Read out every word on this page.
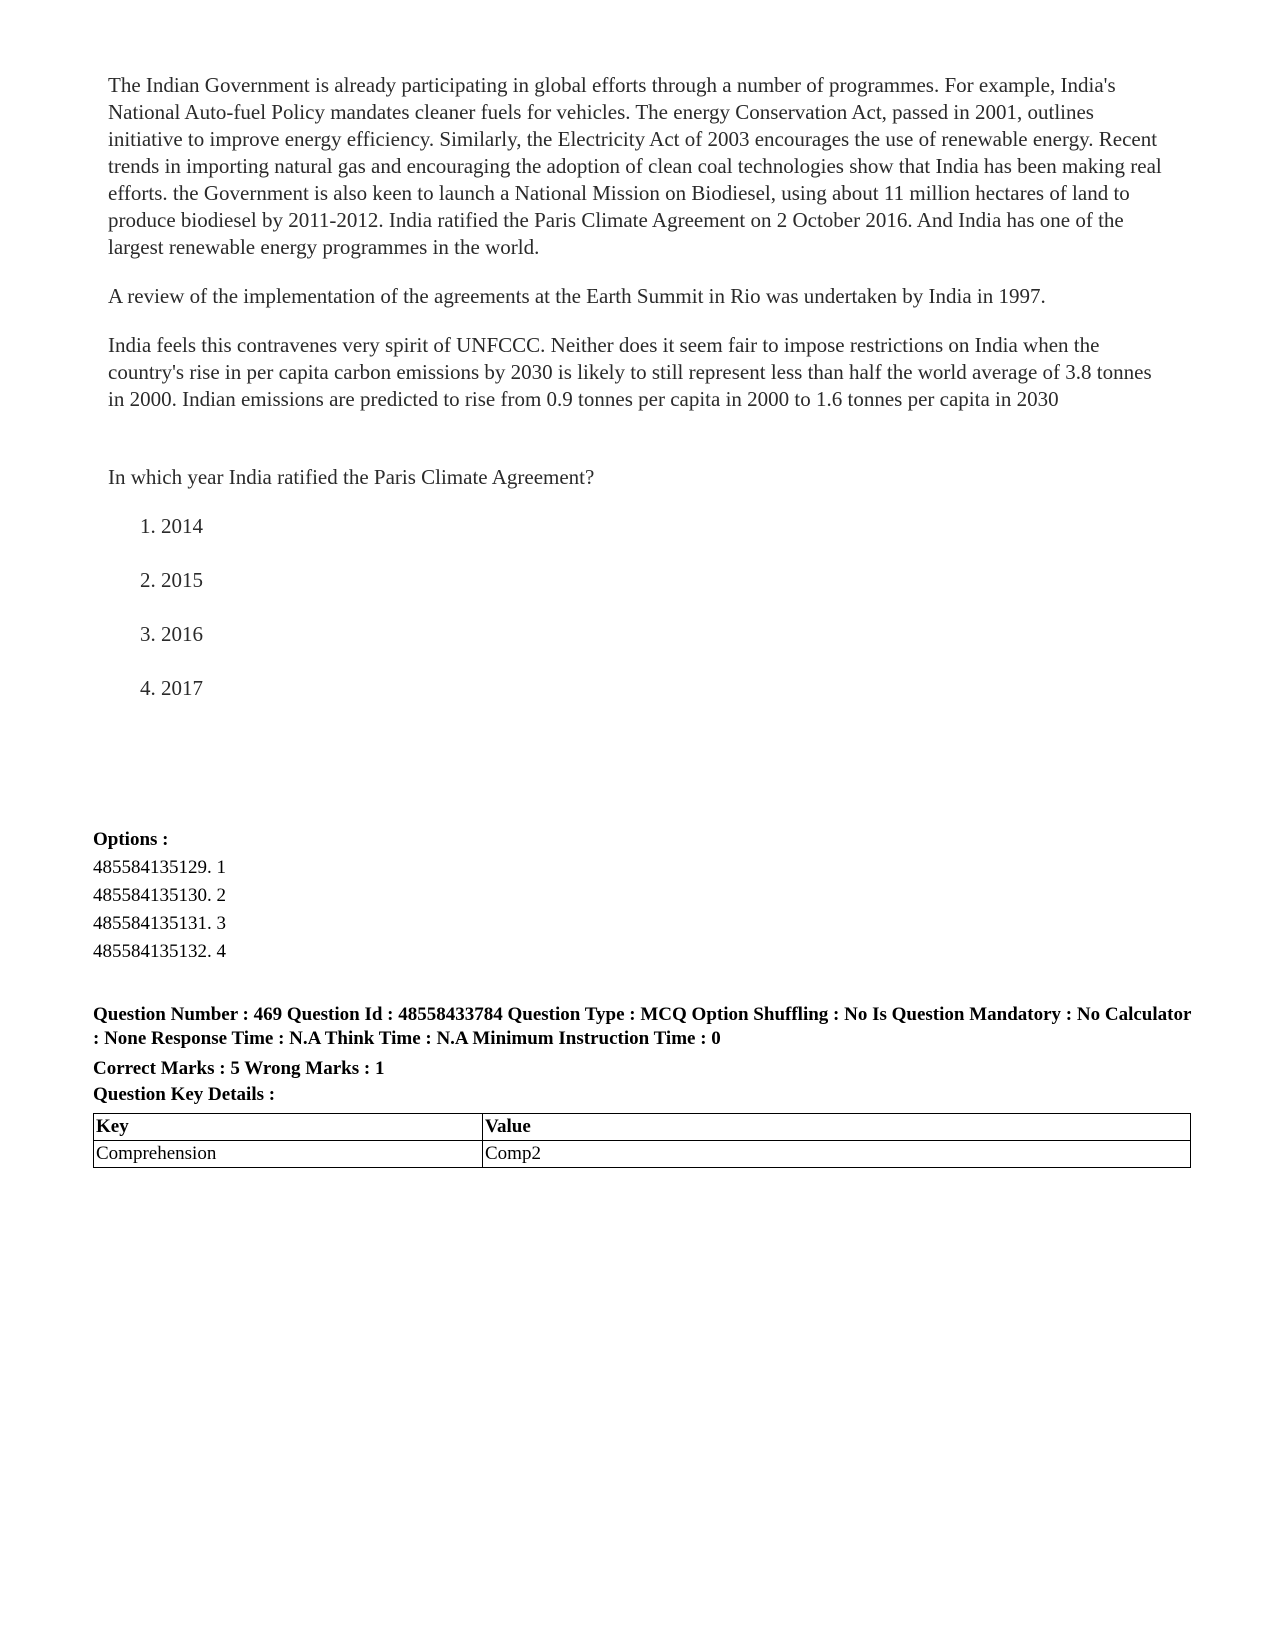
The Indian Government is already participating in global efforts through a number of programmes. For example, India's National Auto-fuel Policy mandates cleaner fuels for vehicles. The energy Conservation Act, passed in 2001, outlines initiative to improve energy efficiency. Similarly, the Electricity Act of 2003 encourages the use of renewable energy. Recent trends in importing natural gas and encouraging the adoption of clean coal technologies show that India has been making real efforts. the Government is also keen to launch a National Mission on Biodiesel, using about 11 million hectares of land to produce biodiesel by 2011-2012. India ratified the Paris Climate Agreement on 2 October 2016. And India has one of the largest renewable energy programmes in the world.

A review of the implementation of the agreements at the Earth Summit in Rio was undertaken by India in 1997.

India feels this contravenes very spirit of UNFCCC. Neither does it seem fair to impose restrictions on India when the country's rise in per capita carbon emissions by 2030 is likely to still represent less than half the world average of 3.8 tonnes in 2000. Indian emissions are predicted to rise from 0.9 tonnes per capita in 2000 to 1.6 tonnes per capita in 2030

In which year India ratified the Paris Climate Agreement?

1. 2014
2. 2015
3. 2016
4. 2017
Options :
485584135129. 1
485584135130. 2
485584135131. 3
485584135132. 4
Question Number : 469 Question Id : 48558433784 Question Type : MCQ Option Shuffling : No Is Question Mandatory : No Calculator : None Response Time : N.A Think Time : N.A Minimum Instruction Time : 0
Correct Marks : 5 Wrong Marks : 1
Question Key Details :
Key	Value
Comprehension	Comp2
